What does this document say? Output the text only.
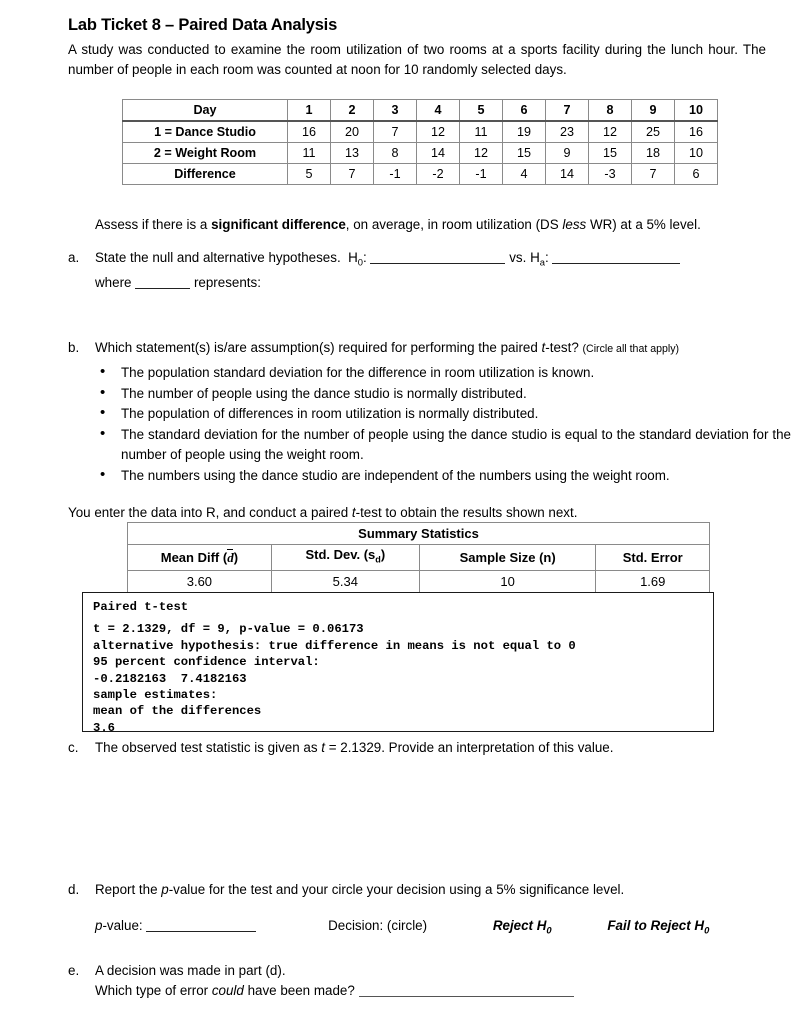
Lab Ticket 8 – Paired Data Analysis
A study was conducted to examine the room utilization of two rooms at a sports facility during the lunch hour. The number of people in each room was counted at noon for 10 randomly selected days.
Day	1	2	3	4	5	6	7	8	9	10
1 = Dance Studio	16	20	7	12	11	19	23	12	25	16
2 = Weight Room	11	13	8	14	12	15	9	15	18	10
Difference	5	7	-1	-2	-1	4	14	-3	7	6
Assess if there is a significant difference, on average, in room utilization (DS less WR) at a 5% level.
a.	State the null and alternative hypotheses. $H_0$:	vs. $H_a$:
where	represents:
b.	Which statement(s) is/are assumption(s) required for performing the paired t-test? (Circle all that apply)
• The population standard deviation for the difference in room utilization is known.
• The number of people using the dance studio is normally distributed.
• The population of differences in room utilization is normally distributed.
• The standard deviation for the number of people using the dance studio is equal to the standard deviation for the number of people using the weight room.
• The numbers using the dance studio are independent of the numbers using the weight room.
You enter the data into R, and conduct a paired t-test to obtain the results shown next.
Summary Statistics			
Mean Diff (d)	Std. Dev. $(s_d)$	Sample Size (n)	Std. Error
3.60	5.34	10	1.69
Paired t-test
t = 2.1329, df = 9, p-value = 0.06173
alternative hypothesis: true difference in means is not equal to 0
95 percent confidence interval:
-0.2182163  7.4182163
sample estimates:
mean of the differences
3.6
c.	The observed test statistic is given as t = 2.1329. Provide an interpretation of this value.
d.	Report the p-value for the test and your circle your decision using a 5% significance level.
p-value:	Decision: (circle)	Reject $H_0$	Fail to Reject $H_0$
e.	A decision was made in part (d).
Which type of error could have been made?
